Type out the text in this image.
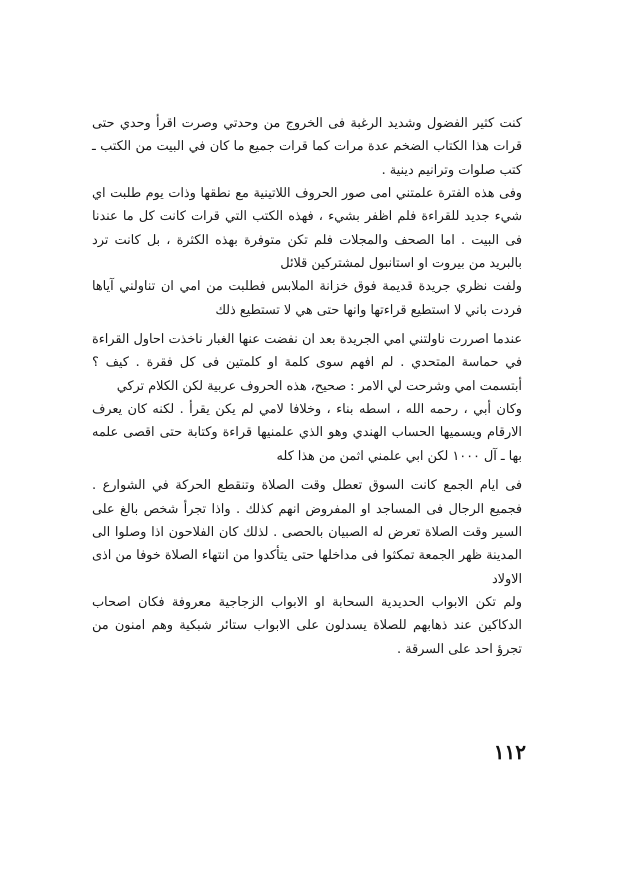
كنت كثير الفضول وشديد الرغبة فى الخروج من وحدتي وصرت اقرأ وحدي حتى قرات هذا الكتاب الضخم عدة مرات كما قرات جميع ما كان في البيت من الكتب ـ كتب صلوات وترانيم دينية .

وفى هذه الفترة علمتني امى صور الحروف اللاتينية مع نطقها وذات يوم طلبت اي شيء جديد للقراءة فلم اظفر بشيء ، فهذه الكتب التي قرات كانت كل ما عندنا فى البيت . اما الصحف والمجلات فلم تكن متوفرة بهذه الكثرة ، بل كانت ترد بالبريد من بيروت او استانبول لمشتركين قلائل

ولفت نظري جريدة قديمة فوق خزانة الملابس فطلبت من امي ان تناولني آياها فردت باني لا استطيع قراءتها وانها حتى هي لا تستطيع ذلك

عندما اصررت ناولتني امي الجريدة بعد ان نفضت عنها الغبار ناخذت احاول القراءة في حماسة المتحدي . لم افهم سوى كلمة او كلمتين فى كل فقرة . كيف ؟ أبتسمت امي وشرحت لي الامر : صحيح، هذه الحروف عربية لكن الكلام تركي

وكان أبي ، رحمه الله ، اسطه بناء ، وخلافا لامي لم يكن يقرأ . لكنه كان يعرف الارقام ويسميها الحساب الهندي وهو الذي علمنيها قراءة وكتابة حتى اقصى علمه بها ـ آل ١٠٠٠ لكن ابي علمني اثمن من هذا كله

فى ايام الجمع كانت السوق تعطل وقت الصلاة وتنقطع الحركة في الشوارع . فجميع الرجال فى المساجد او المفروض انهم كذلك . واذا تجرأ شخص بالغ على السير وقت الصلاة تعرض له الصبيان بالحصى . لذلك كان الفلاحون اذا وصلوا الى المدينة ظهر الجمعة تمكثوا فى مداخلها حتى يتأكدوا من انتهاء الصلاة خوفا من اذى الاولاد

ولم تكن الابواب الحديدية السحابة او الابواب الزجاجية معروفة فكان اصحاب الدكاكين عند ذهابهم للصلاة يسدلون على الابواب ستائر شبكية وهم امنون من تجرؤ احد على السرقة .

١١٢
